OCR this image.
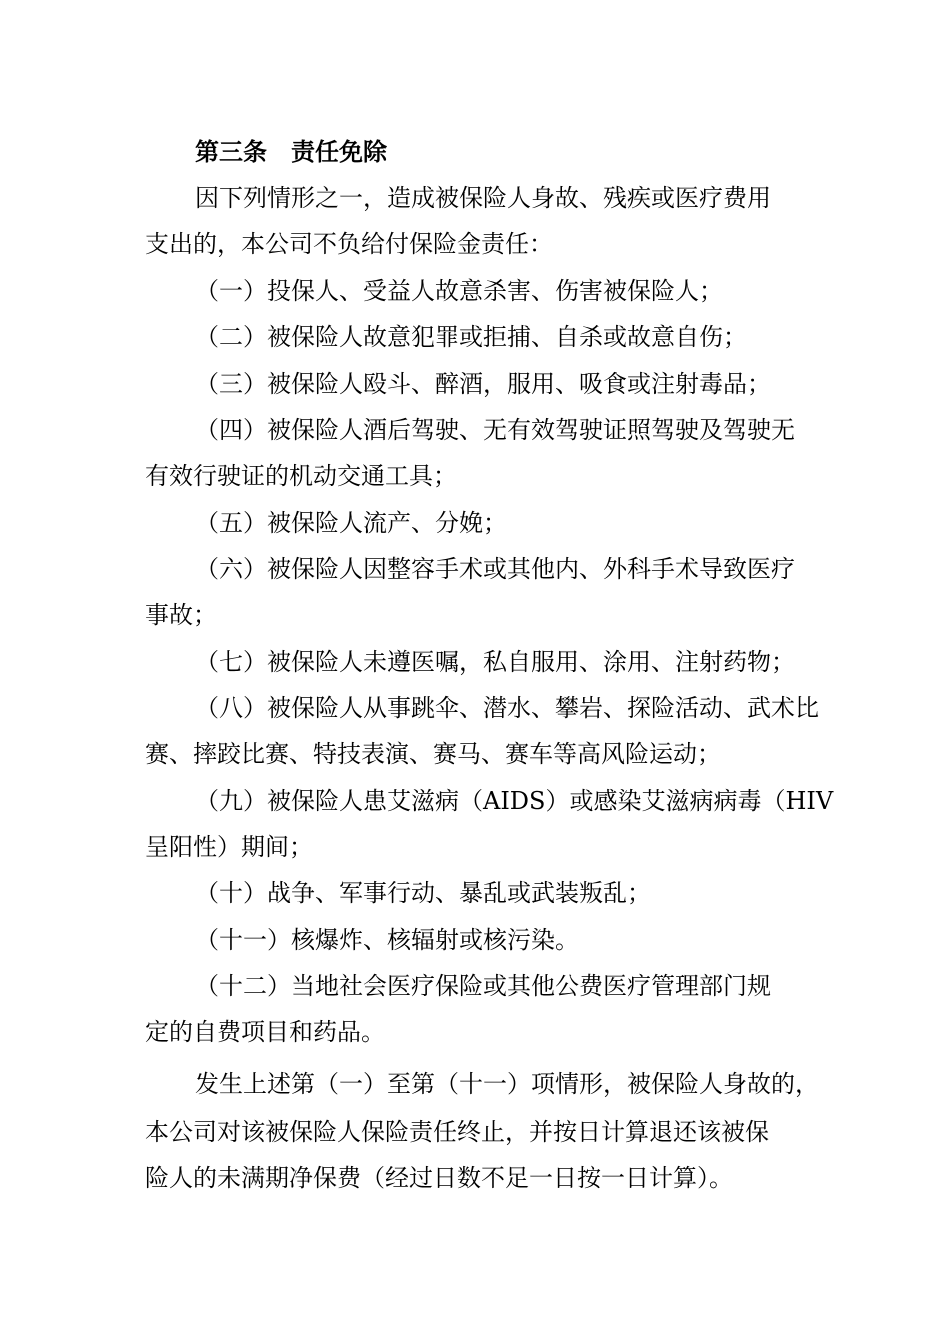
第三条　责任免除
因下列情形之一，造成被保险人身故、残疾或医疗费用
支出的，本公司不负给付保险金责任：
（一）投保人、受益人故意杀害、伤害被保险人；
（二）被保险人故意犯罪或拒捕、自杀或故意自伤；
（三）被保险人殴斗、醉酒，服用、吸食或注射毒品；
（四）被保险人酒后驾驶、无有效驾驶证照驾驶及驾驶无
有效行驶证的机动交通工具；
（五）被保险人流产、分娩；
（六）被保险人因整容手术或其他内、外科手术导致医疗
事故；
（七）被保险人未遵医嘱，私自服用、涂用、注射药物；
（八）被保险人从事跳伞、潜水、攀岩、探险活动、武术比
赛、摔跤比赛、特技表演、赛马、赛车等高风险运动；
（九）被保险人患艾滋病（AIDS）或感染艾滋病病毒（HIV
呈阳性）期间；
（十）战争、军事行动、暴乱或武装叛乱；
（十一）核爆炸、核辐射或核污染。
（十二）当地社会医疗保险或其他公费医疗管理部门规
定的自费项目和药品。
发生上述第（一）至第（十一）项情形，被保险人身故的，
本公司对该被保险人保险责任终止，并按日计算退还该被保
险人的未满期净保费（经过日数不足一日按一日计算）。
